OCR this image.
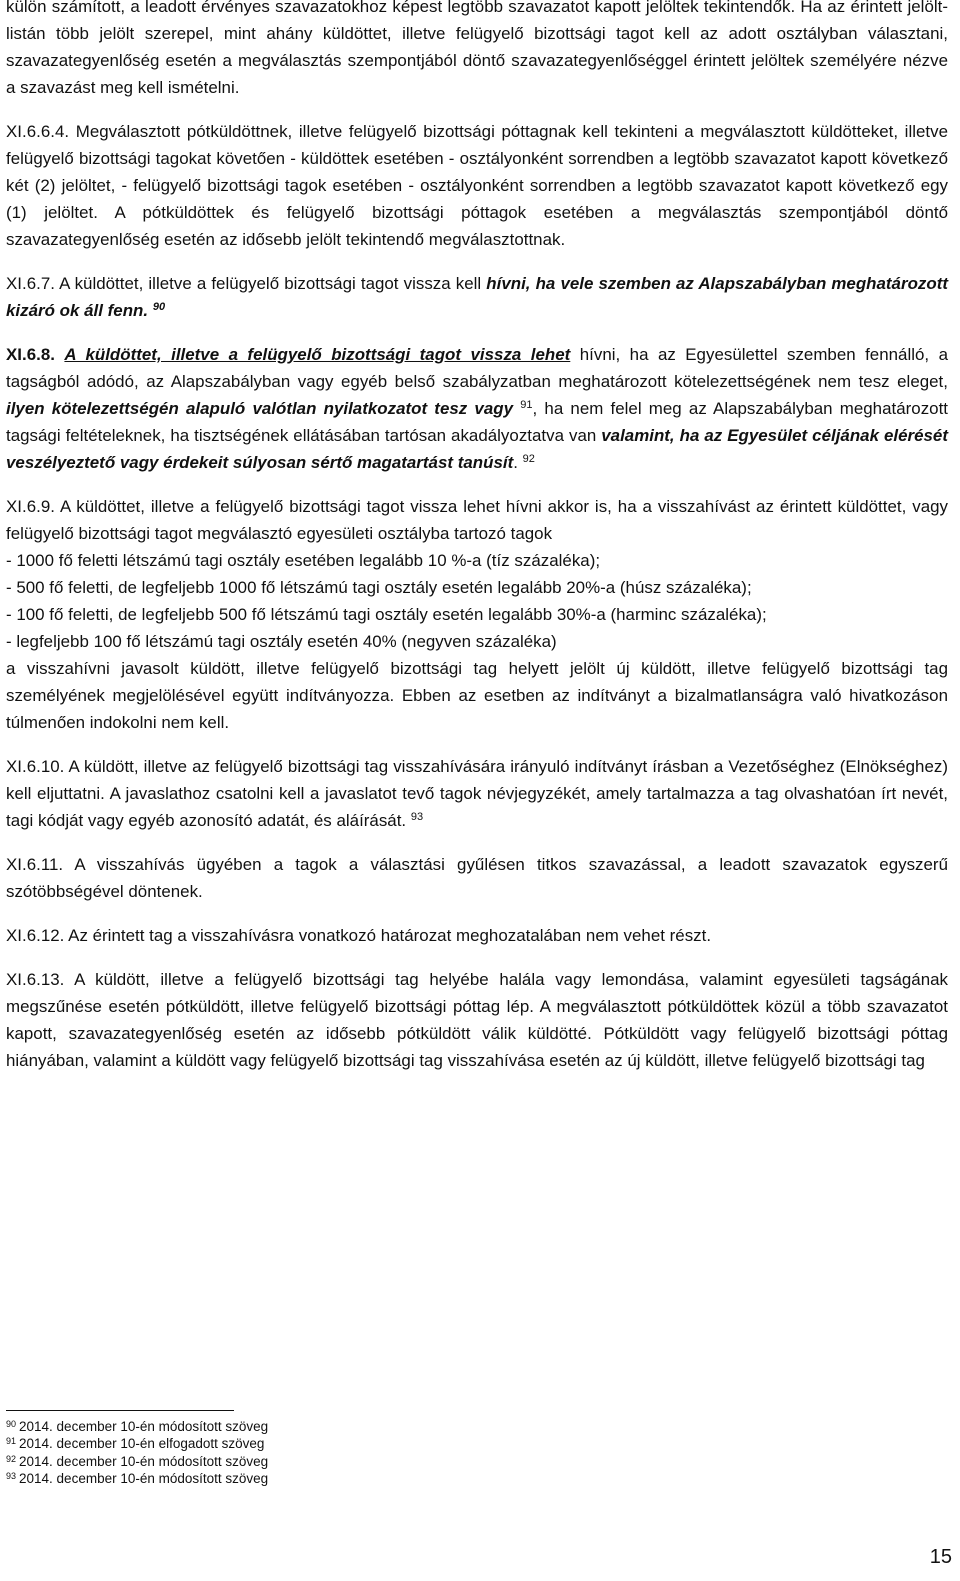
külön számított, a leadott érvényes szavazatokhoz képest legtöbb szavazatot kapott jelöltek tekintendők. Ha az érintett jelölt-listán több jelölt szerepel, mint ahány küldöttet, illetve felügyelő bizottsági tagot kell az adott osztályban választani, szavazategyenlőség esetén a megválasztás szempontjából döntő szavazategyenlőséggel érintett jelöltek személyére nézve a szavazást meg kell ismételni.

XI.6.6.4. Megválasztott pótküldöttnek, illetve felügyelő bizottsági póttagnak kell tekinteni a megválasztott küldötteket, illetve felügyelő bizottsági tagokat követően - küldöttek esetében - osztályonként sorrendben a legtöbb szavazatot kapott következő két (2) jelöltet, - felügyelő bizottsági tagok esetében - osztályonként sorrendben a legtöbb szavazatot kapott következő egy (1) jelöltet. A pótküldöttek és felügyelő bizottsági póttagok esetében a megválasztás szempontjából döntő szavazategyenlőség esetén az idősebb jelölt tekintendő megválasztottnak.

XI.6.7. A küldöttet, illetve a felügyelő bizottsági tagot vissza kell hívni, ha vele szemben az Alapszabályban meghatározott kizáró ok áll fenn. $^{90}$

XI.6.8. A küldöttet, illetve a felügyelő bizottsági tagot vissza lehet hívni, ha az Egyesülettel szemben fennálló, a tagságból adódó, az Alapszabályban vagy egyéb belső szabályzatban meghatározott kötelezettségének nem tesz eleget, ilyen kötelezettségén alapuló valótlan nyilatkozatot tesz vagy $^{91}$, ha nem felel meg az Alapszabályban meghatározott tagsági feltételeknek, ha tisztségének ellátásában tartósan akadályoztatva van valamint, ha az Egyesület céljának elérését veszélyeztető vagy érdekeit súlyosan sértő magatartást tanúsít. $^{92}$

XI.6.9. A küldöttet, illetve a felügyelő bizottsági tagot vissza lehet hívni akkor is, ha a visszahívást az érintett küldöttet, vagy felügyelő bizottsági tagot megválasztó egyesületi osztályba tartozó tagok
- 1000 fő feletti létszámú tagi osztály esetében legalább 10 %-a (tíz százaléka);
- 500 fő feletti, de legfeljebb 1000 fő létszámú tagi osztály esetén legalább 20%-a (húsz százaléka);
- 100 fő feletti, de legfeljebb 500 fő létszámú tagi osztály esetén legalább 30%-a (harminc százaléka);
- legfeljebb 100 fő létszámú tagi osztály esetén 40% (negyven százaléka)
a visszahívni javasolt küldött, illetve felügyelő bizottsági tag helyett jelölt új küldött, illetve felügyelő bizottsági tag személyének megjelölésével együtt indítványozza. Ebben az esetben az indítványt a bizalmatlanságra való hivatkozáson túlmenően indokolni nem kell.

XI.6.10. A küldött, illetve az felügyelő bizottsági tag visszahívására irányuló indítványt írásban a Vezetőséghez (Elnökséghez) kell eljuttatni. A javaslathoz csatolni kell a javaslatot tevő tagok névjegyzékét, amely tartalmazza a tag olvashatóan írt nevét, tagi kódját vagy egyéb azonosító adatát, és aláírását. $^{93}$

XI.6.11. A visszahívás ügyében a tagok a választási gyűlésen titkos szavazással, a leadott szavazatok egyszerű szótöbbségével döntenek.

XI.6.12. Az érintett tag a visszahívásra vonatkozó határozat meghozatalában nem vehet részt.

XI.6.13. A küldött, illetve a felügyelő bizottsági tag helyébe halála vagy lemondása, valamint egyesületi tagságának megszűnése esetén pótküldött, illetve felügyelő bizottsági póttag lép. A megválasztott pótküldöttek közül a több szavazatot kapott, szavazategyenlőség esetén az idősebb pótküldött válik küldötté. Pótküldött vagy felügyelő bizottsági póttag hiányában, valamint a küldött vagy felügyelő bizottsági tag visszahívása esetén az új küldött, illetve felügyelő bizottsági tag

$^{90}$ 2014. december 10-én módosított szöveg
$^{91}$ 2014. december 10-én elfogadott szöveg
$^{92}$ 2014. december 10-én módosított szöveg
$^{93}$ 2014. december 10-én módosított szöveg
15
